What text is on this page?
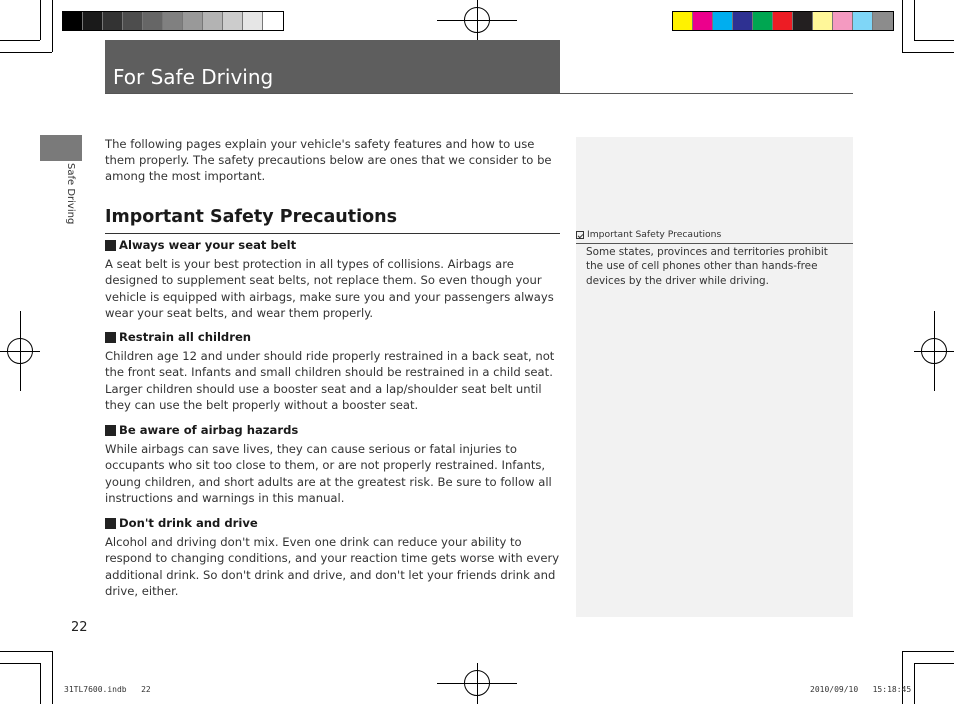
For Safe Driving
Safe Driving
The following pages explain your vehicle's safety features and how to use them properly. The safety precautions below are ones that we consider to be among the most important.
Important Safety Precautions
Always wear your seat belt
A seat belt is your best protection in all types of collisions. Airbags are designed to supplement seat belts, not replace them. So even though your vehicle is equipped with airbags, make sure you and your passengers always wear your seat belts, and wear them properly.
Restrain all children
Children age 12 and under should ride properly restrained in a back seat, not the front seat. Infants and small children should be restrained in a child seat. Larger children should use a booster seat and a lap/shoulder seat belt until they can use the belt properly without a booster seat.
Be aware of airbag hazards
While airbags can save lives, they can cause serious or fatal injuries to occupants who sit too close to them, or are not properly restrained. Infants, young children, and short adults are at the greatest risk. Be sure to follow all instructions and warnings in this manual.
Don't drink and drive
Alcohol and driving don't mix. Even one drink can reduce your ability to respond to changing conditions, and your reaction time gets worse with every additional drink. So don't drink and drive, and don't let your friends drink and drive, either.
Important Safety Precautions
Some states, provinces and territories prohibit the use of cell phones other than hands-free devices by the driver while driving.
22
31TL7600.indb   22	2010/09/10   15:18:45
